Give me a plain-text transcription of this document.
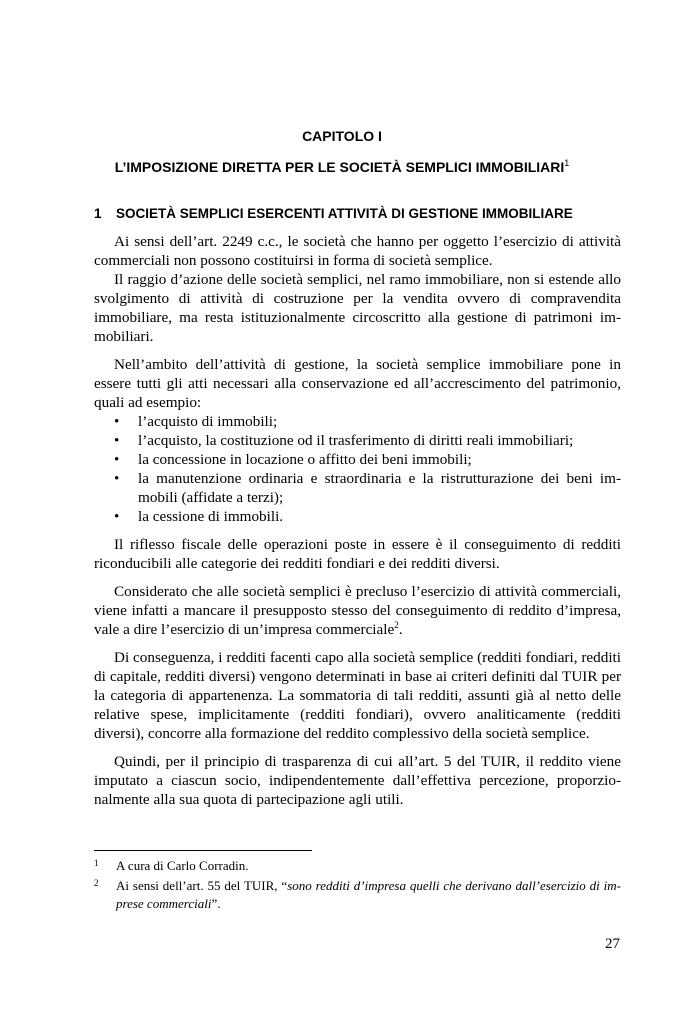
CAPITOLO I
L’IMPOSIZIONE DIRETTA PER LE SOCIETÀ SEMPLICI IMMOBILIARI$^1$
1 SOCIETÀ SEMPLICI ESERCENTI ATTIVITÀ DI GESTIONE IMMOBILIARE

Ai sensi dell’art. 2249 c.c., le società che hanno per oggetto l’esercizio di attività commerciali non possono costituirsi in forma di società semplice.

Il raggio d’azione delle società semplici, nel ramo immobiliare, non si estende allo svolgimento di attività di costruzione per la vendita ovvero di compravendita immobiliare, ma resta istituzionalmente circoscritto alla gestione di patrimoni immobiliari.

Nell’ambito dell’attività di gestione, la società semplice immobiliare pone in essere tutti gli atti necessari alla conservazione ed all’accrescimento del patrimonio, quali ad esempio:

• l’acquisto di immobili;
• l’acquisto, la costituzione od il trasferimento di diritti reali immobiliari;
• la concessione in locazione o affitto dei beni immobili;
• la manutenzione ordinaria e straordinaria e la ristrutturazione dei beni immobili (affidate a terzi);
• la cessione di immobili.

Il riflesso fiscale delle operazioni poste in essere è il conseguimento di redditi riconducibili alle categorie dei redditi fondiari e dei redditi diversi.

Considerato che alle società semplici è precluso l’esercizio di attività commerciali, viene infatti a mancare il presupposto stesso del conseguimento di reddito d’impresa, vale a dire l’esercizio di un’impresa commerciale$^2$.

Di conseguenza, i redditi facenti capo alla società semplice (redditi fondiari, redditi di capitale, redditi diversi) vengono determinati in base ai criteri definiti dal TUIR per la categoria di appartenenza. La sommatoria di tali redditi, assunti già al netto delle relative spese, implicitamente (redditi fondiari), ovvero analiticamente (redditi diversi), concorre alla formazione del reddito complessivo della società semplice.

Quindi, per il principio di trasparenza di cui all’art. 5 del TUIR, il reddito viene imputato a ciascun socio, indipendentemente dall’effettiva percezione, proporzionalmente alla sua quota di partecipazione agli utili.

1 A cura di Carlo Corradin.
2 Ai sensi dell’art. 55 del TUIR, “sono redditi d’impresa quelli che derivano dall’esercizio di imprese commerciali”.
27
